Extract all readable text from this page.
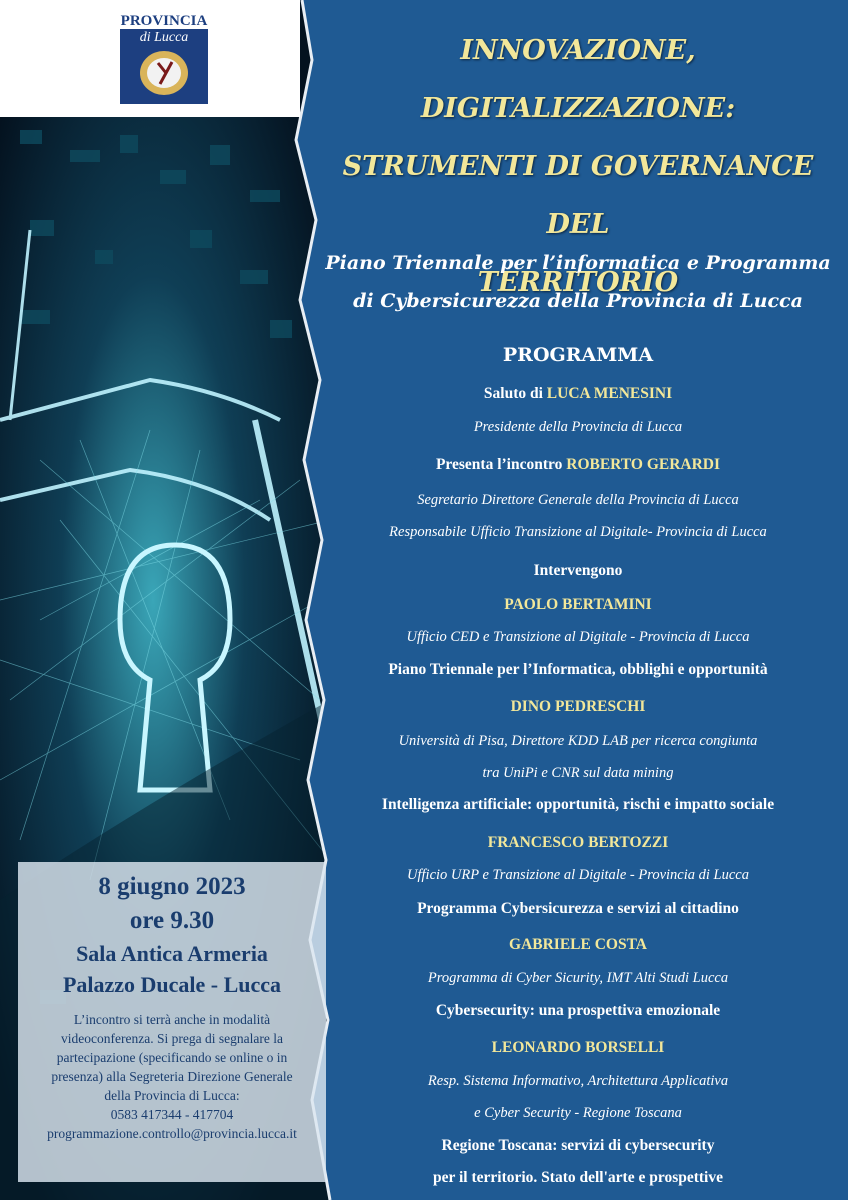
PROVINCIA
di Lucca	INNOVAZIONE,
DIGITALIZZAZIONE:
STRUMENTI DI GOVERNANCE DEL
TERRITORIO
Piano Triennale per l’informatica e Programma
di Cybersicurezza della Provincia di Lucca
PROGRAMMA
Saluto di LUCA MENESINI
Presidente della Provincia di Lucca
Presenta l’incontro ROBERTO GERARDI
Segretario Direttore Generale della Provincia di Lucca
Responsabile Ufficio Transizione al Digitale- Provincia di Lucca
Intervengono
PAOLO BERTAMINI
Ufficio CED e Transizione al Digitale - Provincia di Lucca
Piano Triennale per l’Informatica, obblighi e opportunità
DINO PEDRESCHI
Università di Pisa, Direttore KDD LAB per ricerca congiunta
tra UniPi e CNR sul data mining
Intelligenza artificiale: opportunità, rischi e impatto sociale
FRANCESCO BERTOZZI
Ufficio URP e Transizione al Digitale - Provincia di Lucca
Programma Cybersicurezza e servizi al cittadino
GABRIELE COSTA
Programma di Cyber Sicurity, IMT Alti Studi Lucca
Cybersecurity: una prospettiva emozionale
LEONARDO BORSELLI
Resp. Sistema Informativo, Architettura Applicativa
e Cyber Security - Regione Toscana
Regione Toscana: servizi di cybersecurity
per il territorio. Stato dell'arte e prospettive
8 giugno 2023
ore 9.30
Sala Antica Armeria
Palazzo Ducale - Lucca
L’incontro si terrà anche in modalità
videoconferenza. Si prega di segnalare la
partecipazione (specificando se online o in
presenza) alla Segreteria Direzione Generale
della Provincia di Lucca:
0583 417344 - 417704
programmazione.controllo@provincia.lucca.it
